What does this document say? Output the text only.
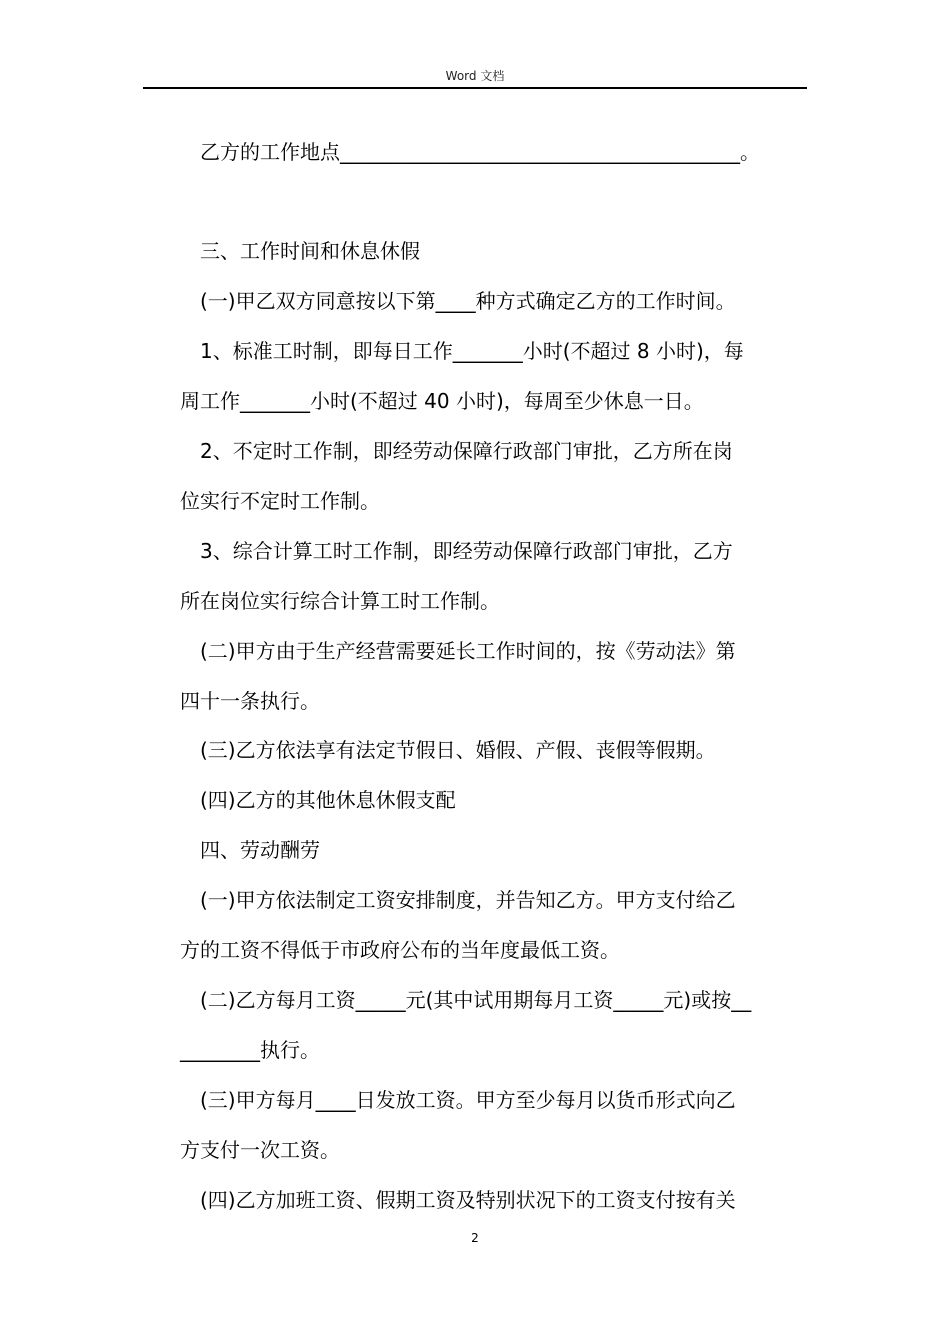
Word 文档
乙方的工作地点________________________________________。
三、工作时间和休息休假
(一)甲乙双方同意按以下第____种方式确定乙方的工作时间。
1、标准工时制，即每日工作_______小时(不超过 8 小时)，每
周工作_______小时(不超过 40 小时)，每周至少休息一日。
2、不定时工作制，即经劳动保障行政部门审批，乙方所在岗
位实行不定时工作制。
3、综合计算工时工作制，即经劳动保障行政部门审批，乙方
所在岗位实行综合计算工时工作制。
(二)甲方由于生产经营需要延长工作时间的，按《劳动法》第
四十一条执行。
(三)乙方依法享有法定节假日、婚假、产假、丧假等假期。
(四)乙方的其他休息休假支配
四、劳动酬劳
(一)甲方依法制定工资安排制度，并告知乙方。甲方支付给乙
方的工资不得低于市政府公布的当年度最低工资。
(二)乙方每月工资_____元(其中试用期每月工资_____元)或按__
________执行。
(三)甲方每月____日发放工资。甲方至少每月以货币形式向乙
方支付一次工资。
(四)乙方加班工资、假期工资及特别状况下的工资支付按有关
2
